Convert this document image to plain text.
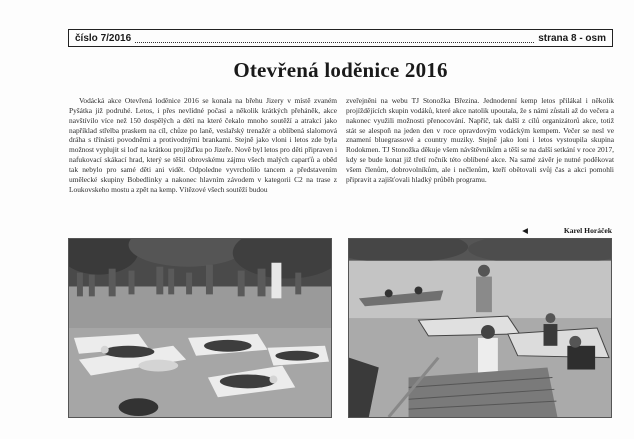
číslo 7/2016	strana 8 - osm
Otevřená loděnice 2016

Vodácká akce Otevřená loděnice 2016 se konala na břehu Jizery v místě zvaném Pyšátka již podruhé. Letos, i přes nevlídné počasí a několik krátkých přeháněk, akce navštívilo více než 150 dospělých a dětí na které čekalo mnoho soutěží a atrakcí jako například střelba praskem na cíl, chůze po laně, veslařský trenažér a oblíbená slalomová dráha s třínásti povodněmi a protivodnými brankami. Stejně jako vloni i letos zde byla možnost vyplujit si loď na krátkou projížďku po Jizeře. Nově byl letos pro děti připraven i nafukovací skákací hrad, který se těšil obrovskému zájmu všech malých caparťů a oběd tak nebylo pro samé děti ani vidět. Odpoledne vyvrcholilo tancem a představením umělecké skupiny Bobedlinky a nakonec hlavním závodem v kategorii C2 na trase z Loukovskeho mostu a zpět na kemp. Vítězové všech soutěží budou

zveřejněni na webu TJ Stonožka Březina. Jednodenní kemp letos přilákal i několik projíždějících skupin vodáků, které akce natolik upoutala, že s námi zůstali až do večera a nakonec využili možnosti přenocování. Napříč, tak další z cílů organizátorů akce, totiž stát se alespoň na jeden den v roce opravdovým vodáckým kempem. Večer se nesl ve znamení bluegrassové a country muziky. Stejně jako loni i letos vystoupila skupina Rodokmen. TJ Stonožka děkuje všem návštěvníkům a těší se na další setkání v roce 2017, kdy se bude konat již třetí ročník této oblíbené akce. Na samé závěr je nutné poděkovat všem členům, dobrovolníkům, ale i nečlenům, kteří obětovali svůj čas a akci pomohli připravit a zajišťovali hladký průběh programu.

◀	Karel Horáček
